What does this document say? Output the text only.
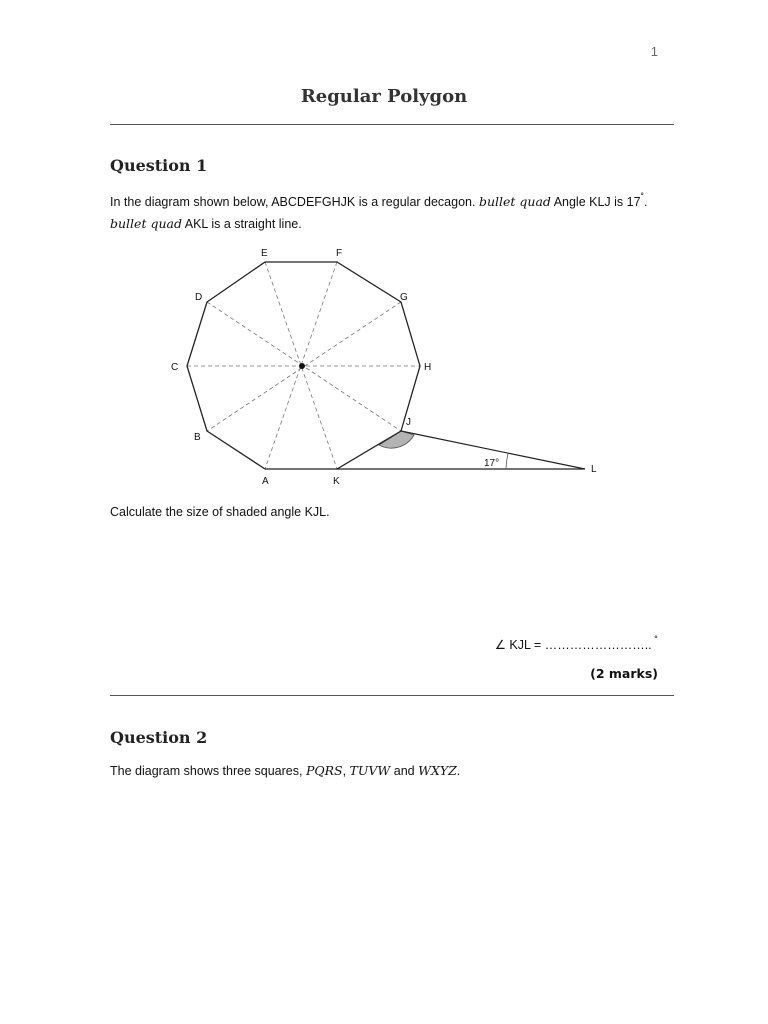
1
Regular Polygon
Question 1
In the diagram shown below, ABCDEFGHJK is a regular decagon. bullet quad Angle KLJ is 17˚. bullet quad AKL is a straight line.
E	F
D	G
C	H
J
B
A	K
L
17°
Calculate the size of shaded angle KJL.
∠ KJL = …………………….. ˚
(2 marks)
Question 2
The diagram shows three squares, PQRS, TUVW and WXYZ.
